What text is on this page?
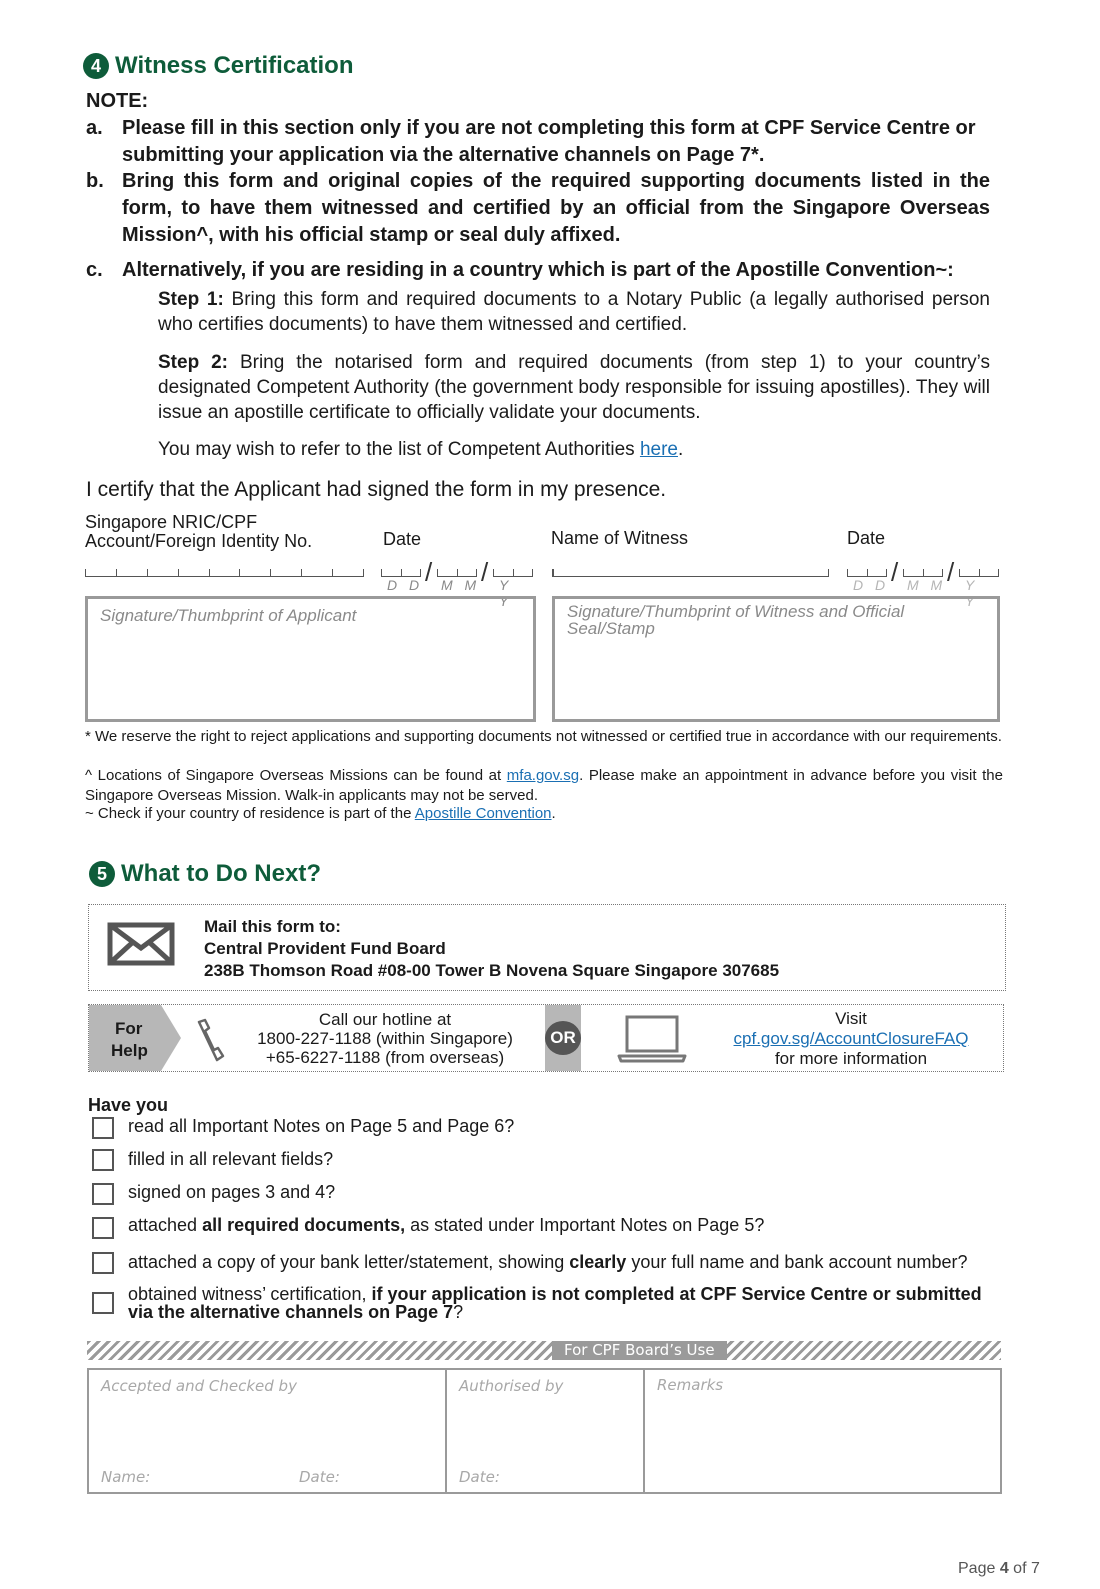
4 Witness Certification
NOTE:
a. Please fill in this section only if you are not completing this form at CPF Service Centre or submitting your application via the alternative channels on Page 7*.
b. Bring this form and original copies of the required supporting documents listed in the form, to have them witnessed and certified by an official from the Singapore Overseas Mission^, with his official stamp or seal duly affixed.
c. Alternatively, if you are residing in a country which is part of the Apostille Convention~:
Step 1: Bring this form and required documents to a Notary Public (a legally authorised person who certifies documents) to have them witnessed and certified.
Step 2: Bring the notarised form and required documents (from step 1) to your country’s designated Competent Authority (the government body responsible for issuing apostilles). They will issue an apostille certificate to officially validate your documents.
You may wish to refer to the list of Competent Authorities here.
I certify that the Applicant had signed the form in my presence.
Singapore NRIC/CPF
Account/Foreign Identity No.	Date	Name of Witness	Date
/ /
D D M M Y Y
/ /
D D M M Y Y
Signature/Thumbprint of Applicant	Signature/Thumbprint of Witness and Official Seal/Stamp
* We reserve the right to reject applications and supporting documents not witnessed or certified true in accordance with our requirements.
^ Locations of Singapore Overseas Missions can be found at mfa.gov.sg. Please make an appointment in advance before you visit the Singapore Overseas Mission. Walk-in applicants may not be served.
~ Check if your country of residence is part of the Apostille Convention.
5 What to Do Next?
Mail this form to:
Central Provident Fund Board
238B Thomson Road #08-00 Tower B Novena Square Singapore 307685
For
Help
Call our hotline at
1800-227-1188 (within Singapore)
+65-6227-1188 (from overseas)
OR
Visit
cpf.gov.sg/AccountClosureFAQ
for more information
Have you
read all Important Notes on Page 5 and Page 6?
filled in all relevant fields?
signed on pages 3 and 4?
attached all required documents, as stated under Important Notes on Page 5?
attached a copy of your bank letter/statement, showing clearly your full name and bank account number?
obtained witness’ certification, if your application is not completed at CPF Service Centre or submitted via the alternative channels on Page 7?
For CPF Board’s Use
Accepted and Checked by
Name:	Date:
Authorised by
Date:
Remarks
Page 4 of 7
